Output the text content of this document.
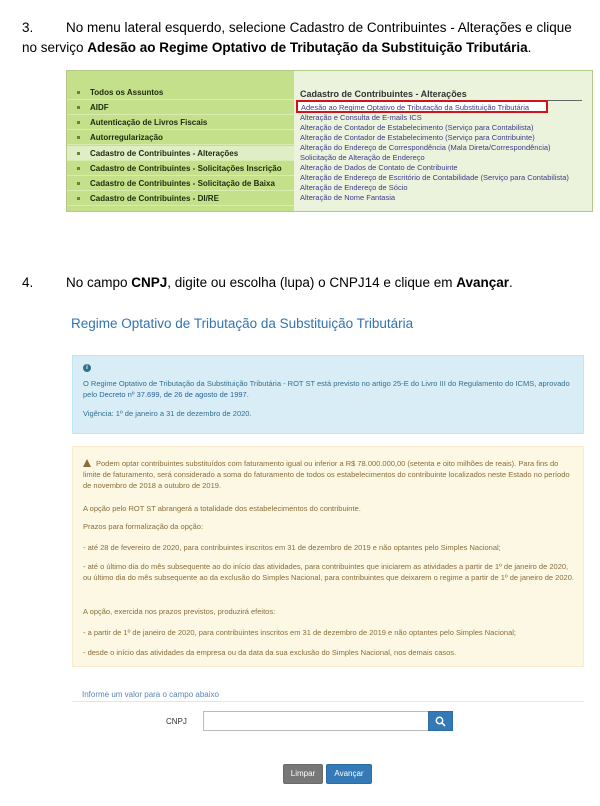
3. No menu lateral esquerdo, selecione Cadastro de Contribuintes - Alterações e clique no serviço Adesão ao Regime Optativo de Tributação da Substituição Tributária.
Todos os Assuntos
AIDF
Autenticação de Livros Fiscais
Autorregularização
Cadastro de Contribuintes - Alterações
Cadastro de Contribuintes - Solicitações Inscrição
Cadastro de Contribuintes - Solicitação de Baixa
Cadastro de Contribuintes - DI/RE
Cadastro de Contribuintes - Alterações
Adesão ao Regime Optativo de Tributação da Substituição Tributária
Alteração e Consulta de E-mails ICS
Alteração de Contador de Estabelecimento (Serviço para Contabilista)
Alteração de Contador de Estabelecimento (Serviço para Contribuinte)
Alteração do Endereço de Correspondência (Mala Direta/Correspondência)
Solicitação de Alteração de Endereço
Alteração de Dados de Contato de Contribuinte
Alteração de Endereço de Escritório de Contabilidade (Serviço para Contabilista)
Alteração de Endereço de Sócio
Alteração de Nome Fantasia
4. No campo CNPJ, digite ou escolha (lupa) o CNPJ14 e clique em Avançar.
Regime Optativo de Tributação da Substituição Tributária
i
O Regime Optativo de Tributação da Substituição Tributária - ROT ST está previsto no artigo 25-E do Livro III do Regulamento do ICMS, aprovado pelo Decreto nº 37.699, de 26 de agosto de 1997.
Vigência: 1º de janeiro a 31 de dezembro de 2020.

Podem optar contribuintes substituídos com faturamento igual ou inferior a R$ 78.000.000,00 (setenta e oito milhões de reais). Para fins do limite de faturamento, será considerado a soma do faturamento de todos os estabelecimentos do contribuinte localizados neste Estado no período de novembro de 2018 a outubro de 2019.

A opção pelo ROT ST abrangerá a totalidade dos estabelecimentos do contribuinte.

Prazos para formalização da opção:

- até 28 de fevereiro de 2020, para contribuintes inscritos em 31 de dezembro de 2019 e não optantes pelo Simples Nacional;

- até o último dia do mês subsequente ao do início das atividades, para contribuintes que iniciarem as atividades a partir de 1º de janeiro de 2020, ou último dia do mês subsequente ao da exclusão do Simples Nacional, para contribuintes que deixarem o regime a partir de 1º de janeiro de 2020.

A opção, exercida nos prazos previstos, produzirá efeitos:

- a partir de 1º de janeiro de 2020, para contribuintes inscritos em 31 de dezembro de 2019 e não optantes pelo Simples Nacional;

- desde o início das atividades da empresa ou da data da sua exclusão do Simples Nacional, nos demais casos.

Informe um valor para o campo abaixo
CNPJ
Limpar	Avançar
